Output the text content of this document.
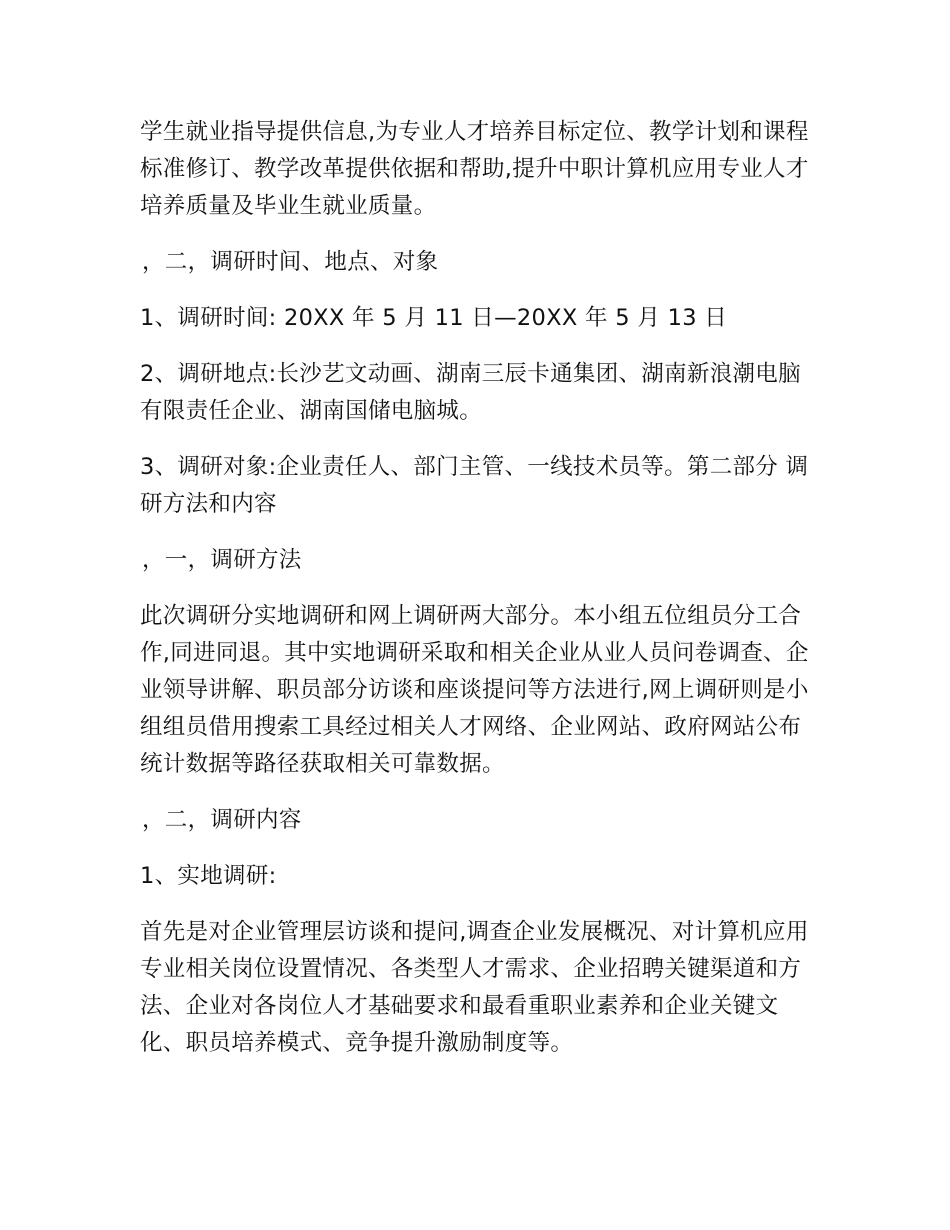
学生就业指导提供信息,为专业人才培养目标定位、教学计划和课程标准修订、教学改革提供依据和帮助,提升中职计算机应用专业人才培养质量及毕业生就业质量。

，二，调研时间、地点、对象

1、调研时间: 20XX 年 5 月 11 日—20XX 年 5 月 13 日

2、调研地点:长沙艺文动画、湖南三辰卡通集团、湖南新浪潮电脑有限责任企业、湖南国储电脑城。

3、调研对象:企业责任人、部门主管、一线技术员等。第二部分 调研方法和内容

，一，调研方法

此次调研分实地调研和网上调研两大部分。本小组五位组员分工合作,同进同退。其中实地调研采取和相关企业从业人员问卷调查、企业领导讲解、职员部分访谈和座谈提问等方法进行,网上调研则是小组组员借用搜索工具经过相关人才网络、企业网站、政府网站公布统计数据等路径获取相关可靠数据。

，二，调研内容

1、实地调研:

首先是对企业管理层访谈和提问,调查企业发展概况、对计算机应用专业相关岗位设置情况、各类型人才需求、企业招聘关键渠道和方法、企业对各岗位人才基础要求和最看重职业素养和企业关键文化、职员培养模式、竞争提升激励制度等。
